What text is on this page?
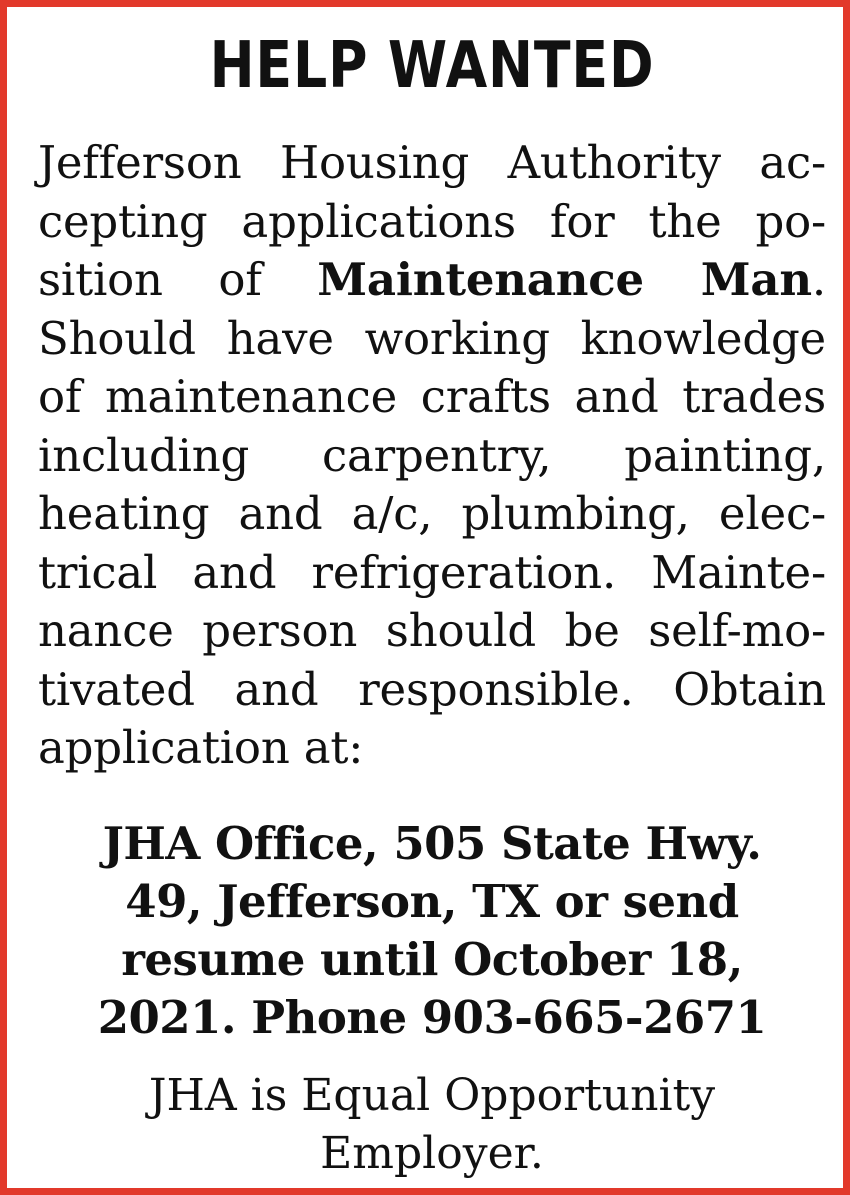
HELP WANTED
Jefferson Housing Authority ac-
cepting applications for the po-
sition of Maintenance Man.
Should have working knowledge
of maintenance crafts and trades
including carpentry, painting,
heating and a/c, plumbing, elec-
trical and refrigeration. Mainte-
nance person should be self-mo-
tivated and responsible. Obtain
application at:
JHA Office, 505 State Hwy.
49, Jefferson, TX or send
resume until October 18,
2021. Phone 903-665-2671
JHA is Equal Opportunity
Employer.
